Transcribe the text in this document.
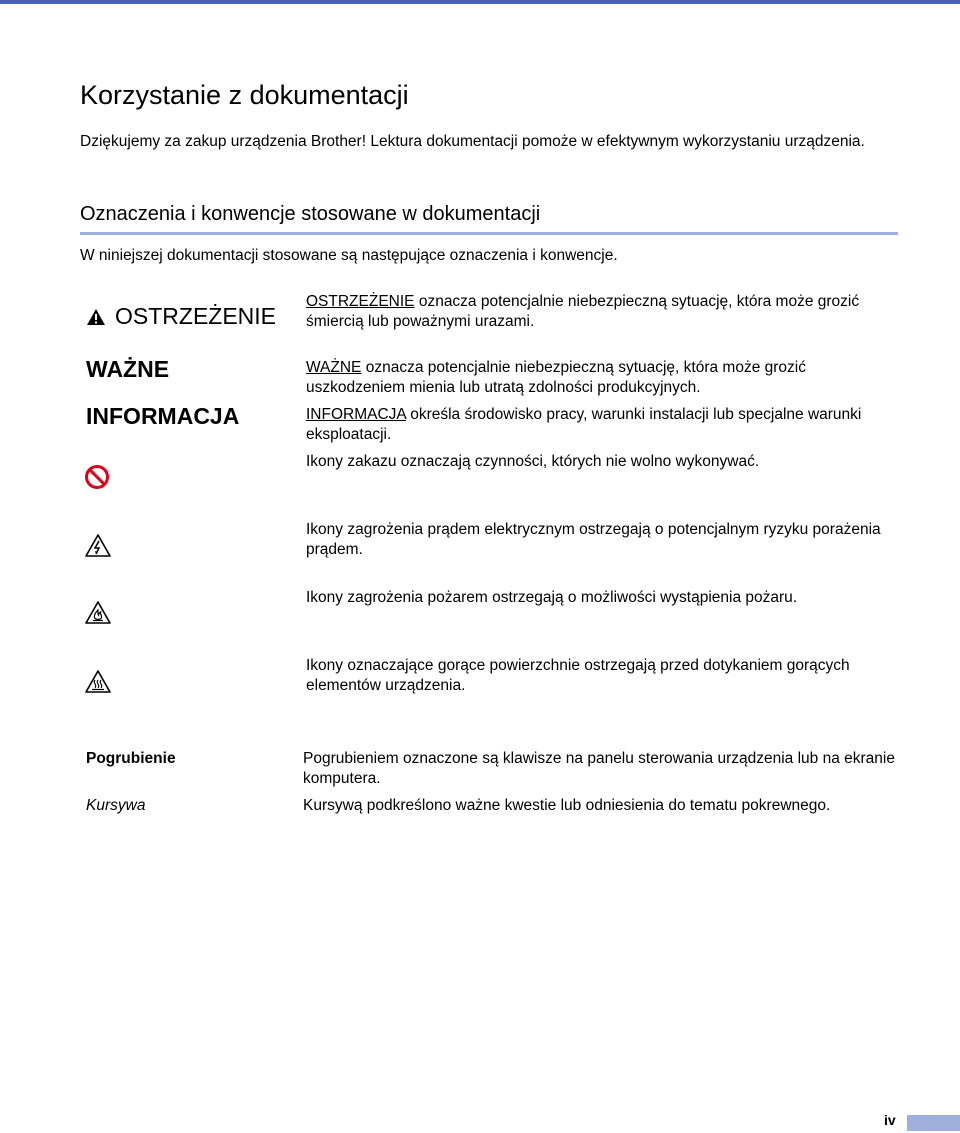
Korzystanie z dokumentacji
Dziękujemy za zakup urządzenia Brother! Lektura dokumentacji pomoże w efektywnym wykorzystaniu urządzenia.
Oznaczenia i konwencje stosowane w dokumentacji
W niniejszej dokumentacji stosowane są następujące oznaczenia i konwencje.
OSTRZEŻENIE
WAŻNE
INFORMACJA
OSTRZEŻENIE oznacza potencjalnie niebezpieczną sytuację, która może grozić śmiercią lub poważnymi urazami.
WAŻNE oznacza potencjalnie niebezpieczną sytuację, która może grozić uszkodzeniem mienia lub utratą zdolności produkcyjnych.
INFORMACJA określa środowisko pracy, warunki instalacji lub specjalne warunki eksploatacji.
Ikony zakazu oznaczają czynności, których nie wolno wykonywać.
Ikony zagrożenia prądem elektrycznym ostrzegają o potencjalnym ryzyku porażenia prądem.
Ikony zagrożenia pożarem ostrzegają o możliwości wystąpienia pożaru.
Ikony oznaczające gorące powierzchnie ostrzegają przed dotykaniem gorących elementów urządzenia.
Pogrubienie	Pogrubieniem oznaczone są klawisze na panelu sterowania urządzenia lub na ekranie komputera.
Kursywa	Kursywą podkreślono ważne kwestie lub odniesienia do tematu pokrewnego.
iv
